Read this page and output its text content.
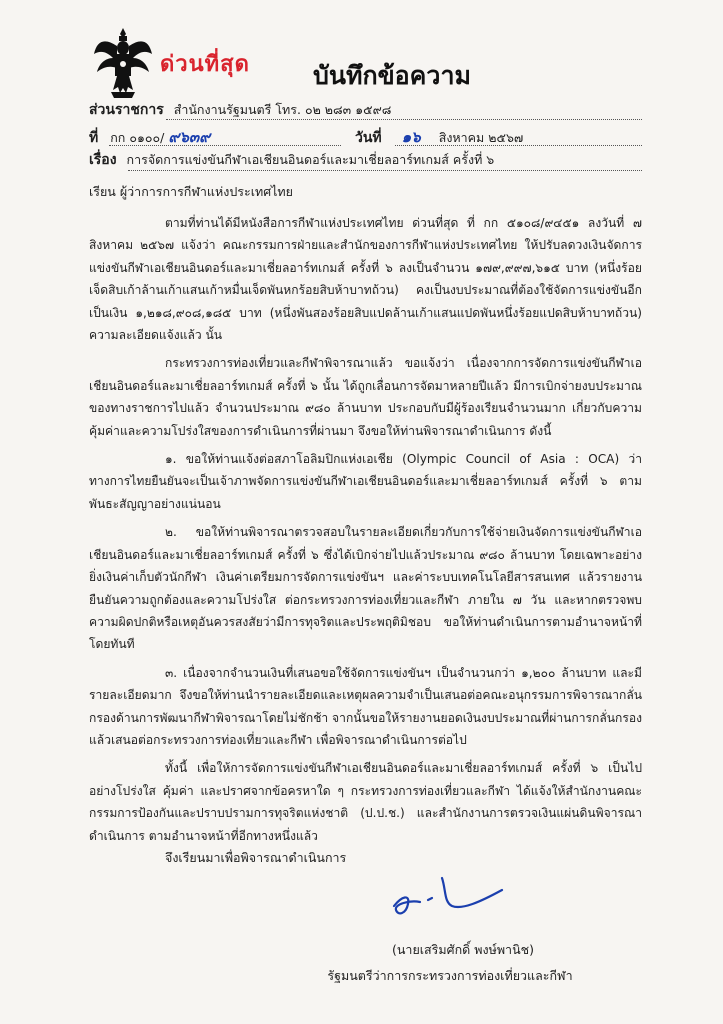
ด่วนที่สุด	บันทึกข้อความ
ส่วนราชการ สำนักงานรัฐมนตรี โทร. ๐๒ ๒๘๓ ๑๕๙๘
ที่ กก ๐๑๐๐/ ๙๖๓๙	วันที่ ๑๖ สิงหาคม ๒๕๖๗
เรื่อง การจัดการแข่งขันกีฬาเอเชียนอินดอร์และมาเชี่ยลอาร์ทเกมส์ ครั้งที่ ๖
เรียน ผู้ว่าการการกีฬาแห่งประเทศไทย

ตามที่ท่านได้มีหนังสือการกีฬาแห่งประเทศไทย ด่วนที่สุด ที่ กก ๕๑๐๘/๙๔๕๑ ลงวันที่ ๗ สิงหาคม ๒๕๖๗ แจ้งว่า คณะกรรมการฝ่ายและสำนักของการกีฬาแห่งประเทศไทย ให้ปรับลดวงเงินจัดการแข่งขันกีฬาเอเชียนอินดอร์และมาเชี่ยลอาร์ทเกมส์ ครั้งที่ ๖ ลงเป็นจำนวน ๑๗๙,๙๙๗,๖๑๕ บาท (หนึ่งร้อยเจ็ดสิบเก้าล้านเก้าแสนเก้าหมื่นเจ็ดพันหกร้อยสิบห้าบาทถ้วน) คงเป็นงบประมาณที่ต้องใช้จัดการแข่งขันอีกเป็นเงิน ๑,๒๑๘,๙๐๘,๑๘๕ บาท (หนึ่งพันสองร้อยสิบแปดล้านเก้าแสนแปดพันหนึ่งร้อยแปดสิบห้าบาทถ้วน) ความละเอียดแจ้งแล้ว นั้น

กระทรวงการท่องเที่ยวและกีฬาพิจารณาแล้ว ขอแจ้งว่า เนื่องจากการจัดการแข่งขันกีฬาเอเชียนอินดอร์และมาเชี่ยลอาร์ทเกมส์ ครั้งที่ ๖ นั้น ได้ถูกเลื่อนการจัดมาหลายปีแล้ว มีการเบิกจ่ายงบประมาณของทางราชการไปแล้ว จำนวนประมาณ ๙๘๐ ล้านบาท ประกอบกับมีผู้ร้องเรียนจำนวนมาก เกี่ยวกับความคุ้มค่าและความโปร่งใสของการดำเนินการที่ผ่านมา จึงขอให้ท่านพิจารณาดำเนินการ ดังนี้

๑. ขอให้ท่านแจ้งต่อสภาโอลิมปิกแห่งเอเชีย (Olympic Council of Asia : OCA) ว่า ทางการไทยยืนยันจะเป็นเจ้าภาพจัดการแข่งขันกีฬาเอเชียนอินดอร์และมาเชี่ยลอาร์ทเกมส์ ครั้งที่ ๖ ตามพันธะสัญญาอย่างแน่นอน

๒. ขอให้ท่านพิจารณาตรวจสอบในรายละเอียดเกี่ยวกับการใช้จ่ายเงินจัดการแข่งขันกีฬาเอเชียนอินดอร์และมาเชี่ยลอาร์ทเกมส์ ครั้งที่ ๖ ซึ่งได้เบิกจ่ายไปแล้วประมาณ ๙๘๐ ล้านบาท โดยเฉพาะอย่างยิ่งเงินค่าเก็บตัวนักกีฬา เงินค่าเตรียมการจัดการแข่งขันฯ และค่าระบบเทคโนโลยีสารสนเทศ แล้วรายงานยืนยันความถูกต้องและความโปร่งใส ต่อกระทรวงการท่องเที่ยวและกีฬา ภายใน ๗ วัน และหากตรวจพบความผิดปกติหรือเหตุอันควรสงสัยว่ามีการทุจริตและประพฤติมิชอบ ขอให้ท่านดำเนินการตามอำนาจหน้าที่โดยทันที

๓. เนื่องจากจำนวนเงินที่เสนอขอใช้จัดการแข่งขันฯ เป็นจำนวนกว่า ๑,๒๐๐ ล้านบาท และมีรายละเอียดมาก จึงขอให้ท่านนำรายละเอียดและเหตุผลความจำเป็นเสนอต่อคณะอนุกรรมการพิจารณากลั่นกรองด้านการพัฒนากีฬาพิจารณาโดยไม่ชักช้า จากนั้นขอให้รายงานยอดเงินงบประมาณที่ผ่านการกลั่นกรองแล้วเสนอต่อกระทรวงการท่องเที่ยวและกีฬา เพื่อพิจารณาดำเนินการต่อไป

ทั้งนี้ เพื่อให้การจัดการแข่งขันกีฬาเอเชียนอินดอร์และมาเชี่ยลอาร์ทเกมส์ ครั้งที่ ๖ เป็นไปอย่างโปร่งใส คุ้มค่า และปราศจากข้อครหาใด ๆ กระทรวงการท่องเที่ยวและกีฬา ได้แจ้งให้สำนักงานคณะกรรมการป้องกันและปราบปรามการทุจริตแห่งชาติ (ป.ป.ช.) และสำนักงานการตรวจเงินแผ่นดินพิจารณาดำเนินการ ตามอำนาจหน้าที่อีกทางหนึ่งแล้ว

จึงเรียนมาเพื่อพิจารณาดำเนินการ
(นายเสริมศักดิ์ พงษ์พานิช)
รัฐมนตรีว่าการกระทรวงการท่องเที่ยวและกีฬา
